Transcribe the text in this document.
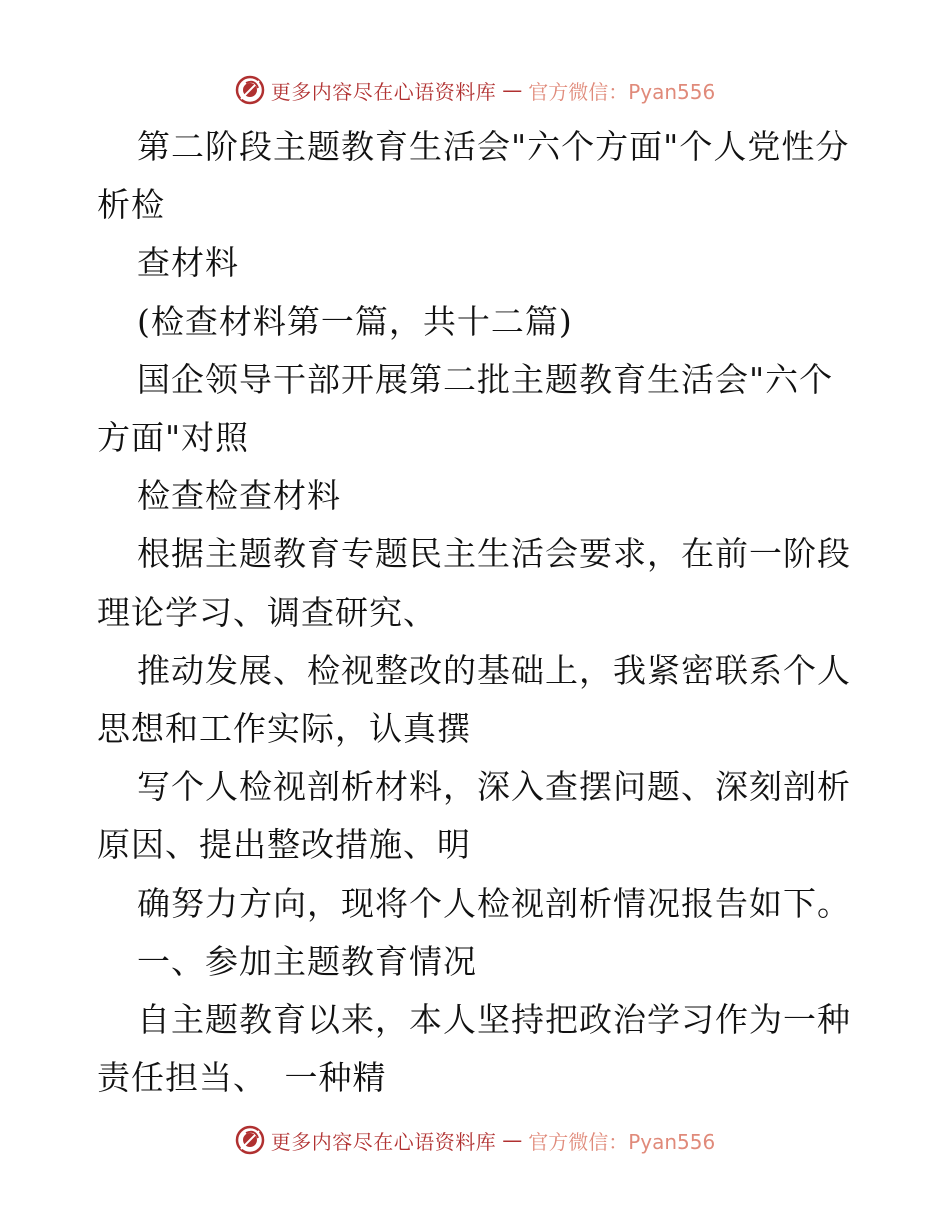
更多内容尽在心语资料库 — 官方微信：Pyan556

第二阶段主题教育生活会"六个方面"个人党性分析检

查材料

(检查材料第一篇，共十二篇)

国企领导干部开展第二批主题教育生活会"六个方面"对照

检查检查材料

根据主题教育专题民主生活会要求，在前一阶段理论学习、调查研究、

推动发展、检视整改的基础上，我紧密联系个人思想和工作实际，认真撰

写个人检视剖析材料，深入查摆问题、深刻剖析原因、提出整改措施、明

确努力方向，现将个人检视剖析情况报告如下。

一、参加主题教育情况

自主题教育以来，本人坚持把政治学习作为一种责任担当、　一种精

更多内容尽在心语资料库 — 官方微信：Pyan556
